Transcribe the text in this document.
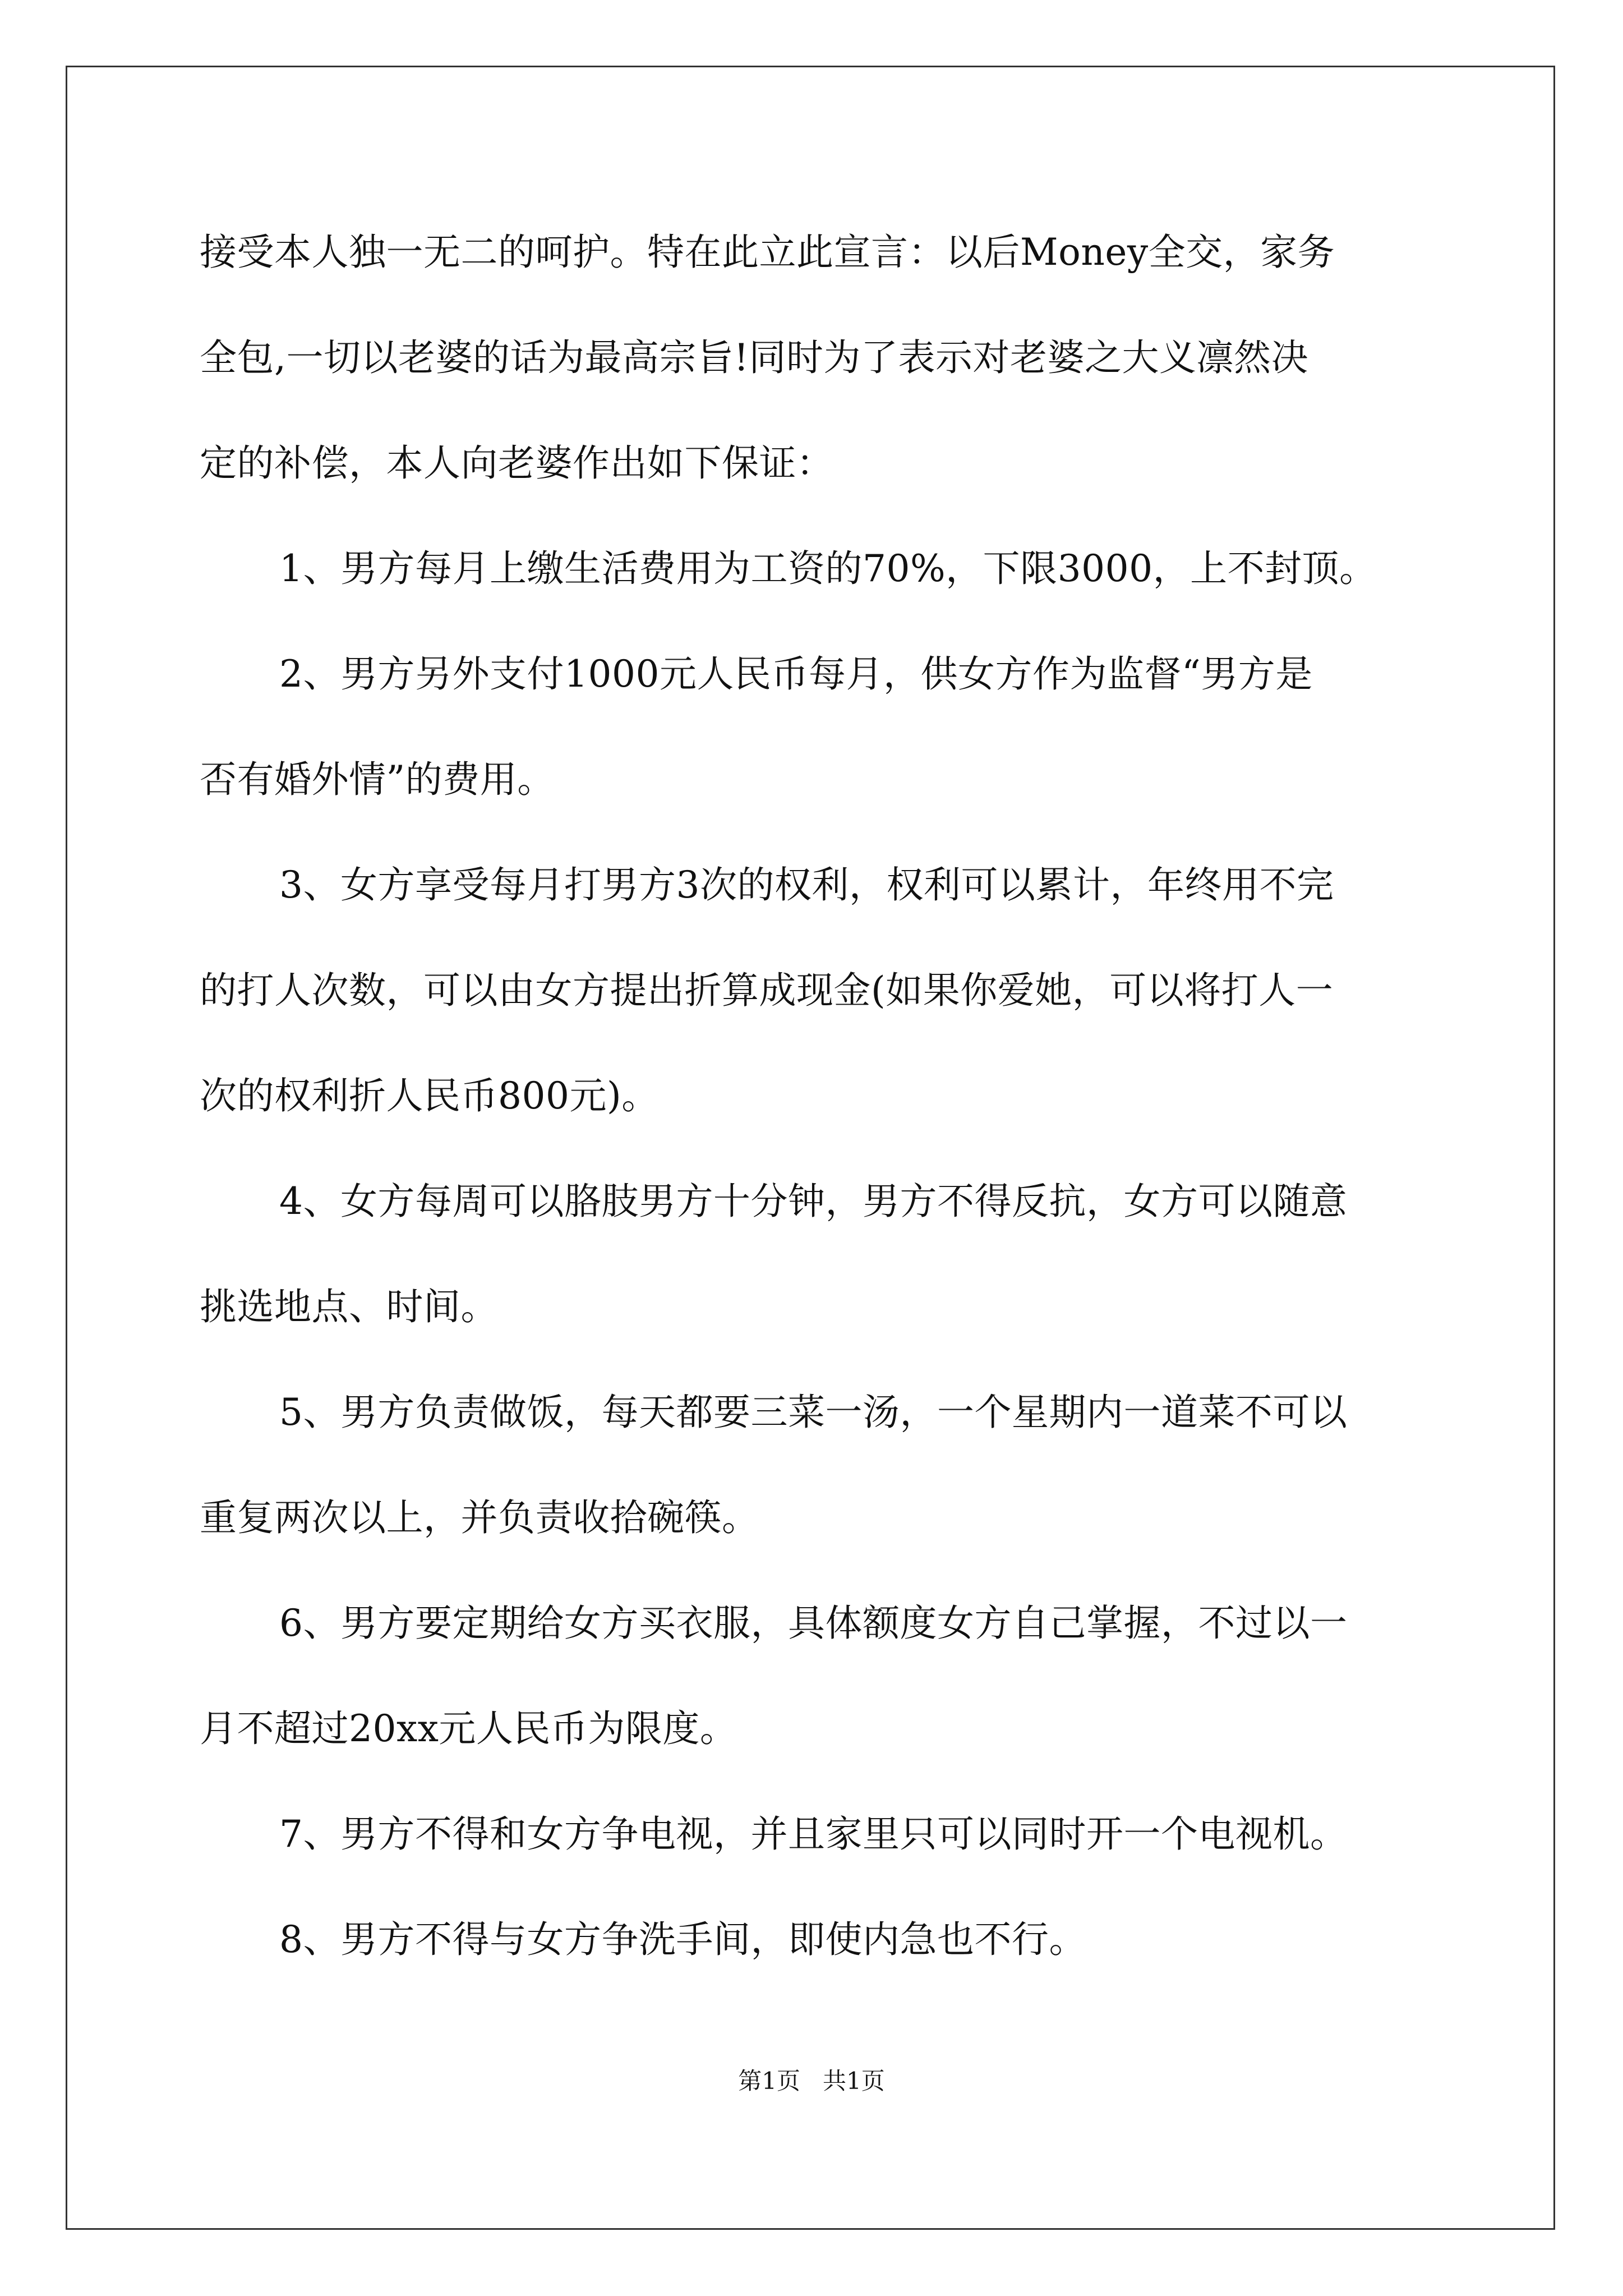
接受本人独一无二的呵护。特在此立此宣言：以后Money全交，家务
全包,一切以老婆的话为最高宗旨!同时为了表示对老婆之大义凛然决
定的补偿，本人向老婆作出如下保证：
1、男方每月上缴生活费用为工资的70%，下限3000，上不封顶。
2、男方另外支付1000元人民币每月，供女方作为监督“男方是
否有婚外情”的费用。
3、女方享受每月打男方3次的权利，权利可以累计，年终用不完
的打人次数，可以由女方提出折算成现金(如果你爱她，可以将打人一
次的权利折人民币800元)。
4、女方每周可以胳肢男方十分钟，男方不得反抗，女方可以随意
挑选地点、时间。
5、男方负责做饭，每天都要三菜一汤，一个星期内一道菜不可以
重复两次以上，并负责收拾碗筷。
6、男方要定期给女方买衣服，具体额度女方自己掌握，不过以一
月不超过20xx元人民币为限度。
7、男方不得和女方争电视，并且家里只可以同时开一个电视机。
8、男方不得与女方争洗手间，即使内急也不行。
第1页   共1页
